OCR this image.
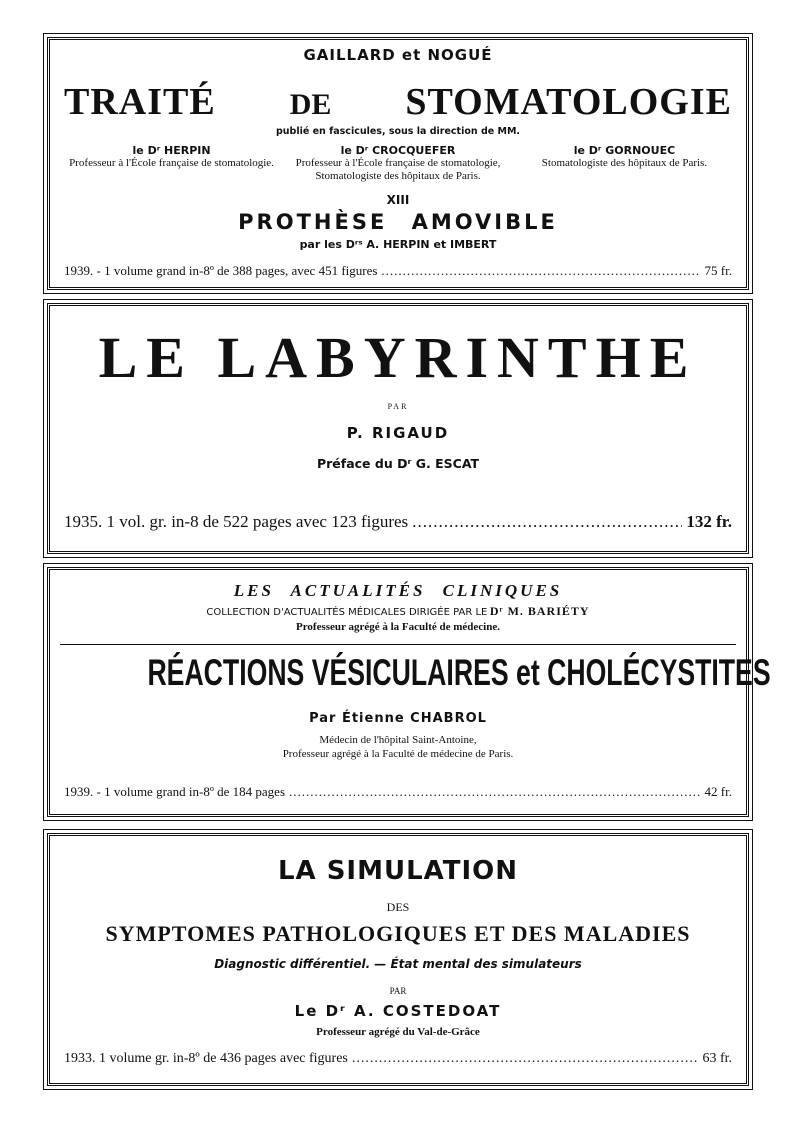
GAILLARD et NOGUÉ
TRAITÉ DE STOMATOLOGIE
publié en fascicules, sous la direction de MM.
le Dʳ HERPIN
Professeur à l'École française de stomatologie.
le Dʳ CROCQUEFER
Professeur à l'École française de stomatologie, Stomatologiste des hôpitaux de Paris.
le Dʳ GORNOUEC
Stomatologiste des hôpitaux de Paris.
XIII
PROTHÈSE AMOVIBLE
par les Dʳˢ A. HERPIN et IMBERT
1939. - 1 volume grand in-8º de 388 pages, avec 451 figures .....	75 fr.
LE LABYRINTHE
PAR
P. RIGAUD
Préface du Dʳ G. ESCAT
1935. 1 vol. gr. in-8 de 522 pages avec 123 figures .....	132 fr.
LES ACTUALITÉS CLINIQUES
COLLECTION D'ACTUALITÉS MÉDICALES DIRIGÉE PAR LE Dʳ M. BARIÉTY
Professeur agrégé à la Faculté de médecine.
RÉACTIONS VÉSICULAIRES et CHOLÉCYSTITES
Par Étienne CHABROL
Médecin de l'hôpital Saint-Antoine,
Professeur agrégé à la Faculté de médecine de Paris.
1939. - 1 volume grand in-8º de 184 pages .....	42 fr.
LA SIMULATION
DES
SYMPTOMES PATHOLOGIQUES ET DES MALADIES
Diagnostic différentiel. — État mental des simulateurs
PAR
Le Dʳ A. COSTEDOAT
Professeur agrégé du Val-de-Grâce
1933. 1 volume gr. in-8º de 436 pages avec figures .....	63 fr.
